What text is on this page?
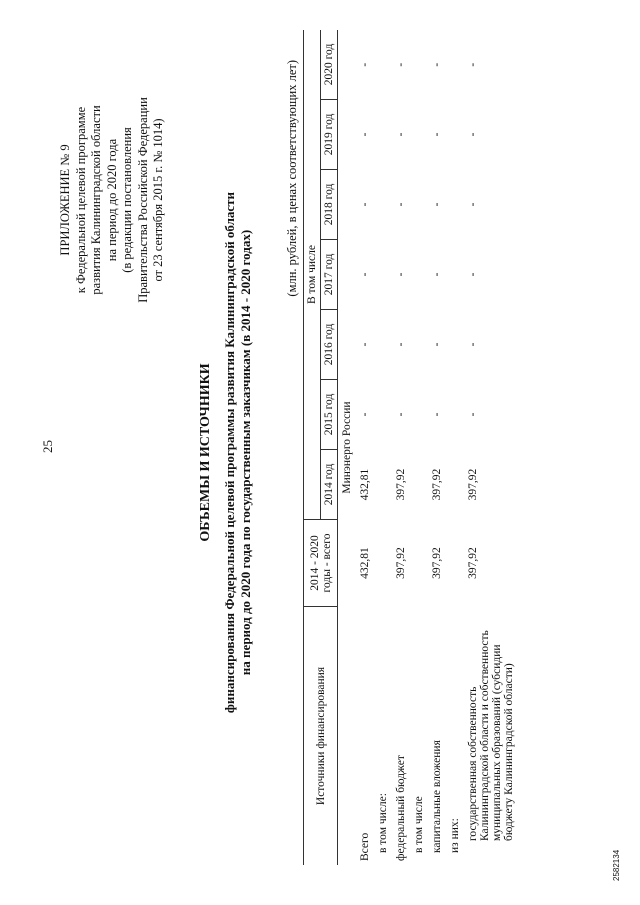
25
ПРИЛОЖЕНИЕ № 9 к Федеральной целевой программе развития Калининградской области на период до 2020 года (в редакции постановления Правительства Российской Федерации от 23 сентября 2015 г. № 1014)
ОБЪЕМЫ И ИСТОЧНИКИ финансирования Федеральной целевой программы развития Калининградской области на период до 2020 года по государственным заказчикам (в 2014 - 2020 годах)
(млн. рублей, в ценах соответствующих лет)
Источники финансирования	2014 - 2020 годы - всего	В том числе						
		2014 год	2015 год	2016 год	2017 год	2018 год	2019 год	2020 год
Минэнерго России								
Всего	432,81	432,81	-	-	-	-	-	-
в том числе:								
федеральный бюджет	397,92	397,92	-	-	-	-	-	-
в том числе								
капитальные вложения	397,92	397,92	-	-	-	-	-	-
из них:								
государственная собственность Калининградской области и собственность муниципальных образований (субсидии бюджету Калининградской области)	397,92	397,92	-	-	-	-	-	-
2582134
